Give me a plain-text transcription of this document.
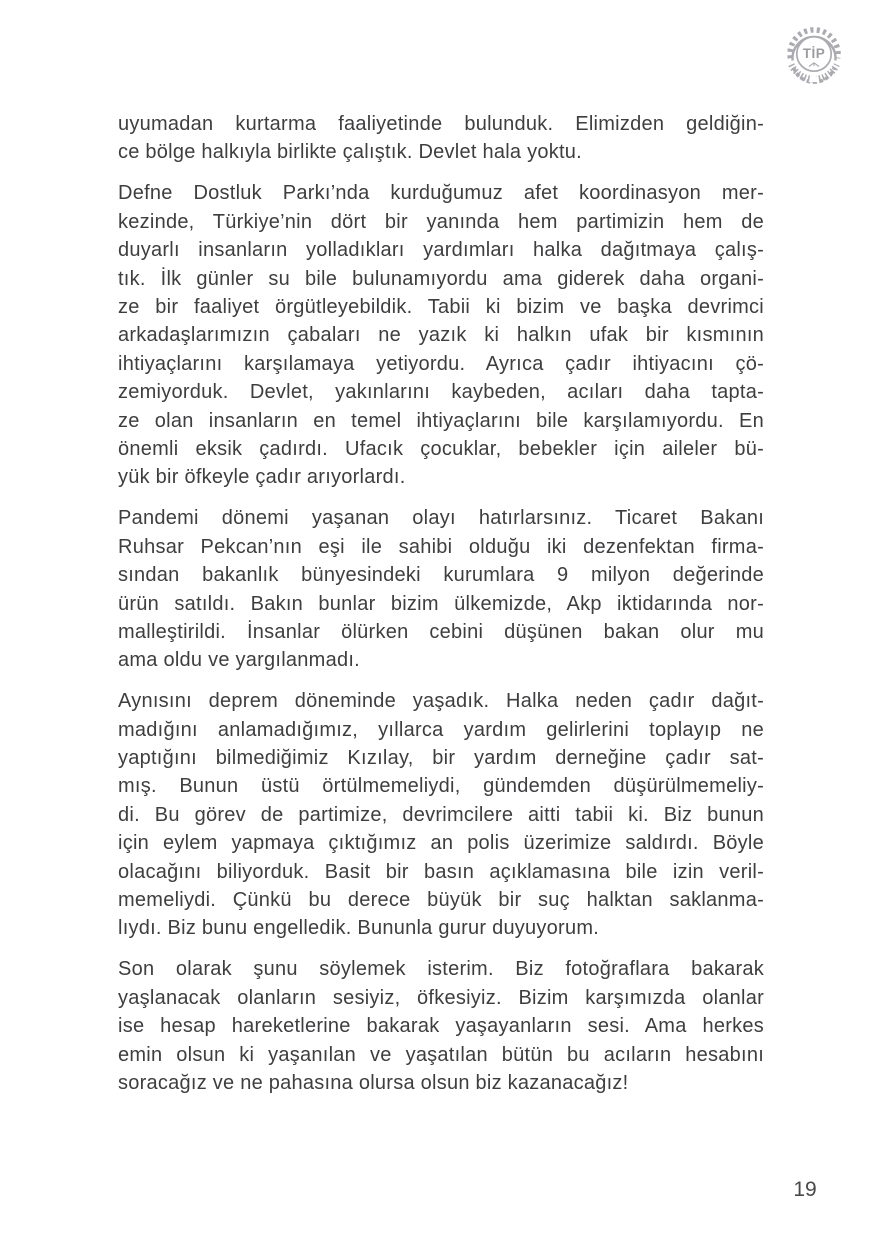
TİP
uyumadan kurtarma faaliyetinde bulunduk. Elimizden geldiğin-
ce bölge halkıyla birlikte çalıştık. Devlet hala yoktu.
Defne Dostluk Parkı’nda kurduğumuz afet koordinasyon mer-
kezinde, Türkiye’nin dört bir yanında hem partimizin hem de
duyarlı insanların yolladıkları yardımları halka dağıtmaya çalış-
tık. İlk günler su bile bulunamıyordu ama giderek daha organi-
ze bir faaliyet örgütleyebildik. Tabii ki bizim ve başka devrimci
arkadaşlarımızın çabaları ne yazık ki halkın ufak bir kısmının
ihtiyaçlarını karşılamaya yetiyordu. Ayrıca çadır ihtiyacını çö-
zemiyorduk. Devlet, yakınlarını kaybeden, acıları daha tapta-
ze olan insanların en temel ihtiyaçlarını bile karşılamıyordu. En
önemli eksik çadırdı. Ufacık çocuklar, bebekler için aileler bü-
yük bir öfkeyle çadır arıyorlardı.
Pandemi dönemi yaşanan olayı hatırlarsınız. Ticaret Bakanı
Ruhsar Pekcan’nın eşi ile sahibi olduğu iki dezenfektan firma-
sından bakanlık bünyesindeki kurumlara 9 milyon değerinde
ürün satıldı. Bakın bunlar bizim ülkemizde, Akp iktidarında nor-
malleştirildi. İnsanlar ölürken cebini düşünen bakan olur mu
ama oldu ve yargılanmadı.
Aynısını deprem döneminde yaşadık. Halka neden çadır dağıt-
madığını anlamadığımız, yıllarca yardım gelirlerini toplayıp ne
yaptığını bilmediğimiz Kızılay, bir yardım derneğine çadır sat-
mış. Bunun üstü örtülmemeliydi, gündemden düşürülmemeliy-
di. Bu görev de partimize, devrimcilere aitti tabii ki. Biz bunun
için eylem yapmaya çıktığımız an polis üzerimize saldırdı. Böyle
olacağını biliyorduk. Basit bir basın açıklamasına bile izin veril-
memeliydi. Çünkü bu derece büyük bir suç halktan saklanma-
lıydı. Biz bunu engelledik. Bununla gurur duyuyorum.
Son olarak şunu söylemek isterim. Biz fotoğraflara bakarak
yaşlanacak olanların sesiyiz, öfkesiyiz. Bizim karşımızda olanlar
ise hesap hareketlerine bakarak yaşayanların sesi. Ama herkes
emin olsun ki yaşanılan ve yaşatılan bütün bu acıların hesabını
soracağız ve ne pahasına olursa olsun biz kazanacağız!
19
